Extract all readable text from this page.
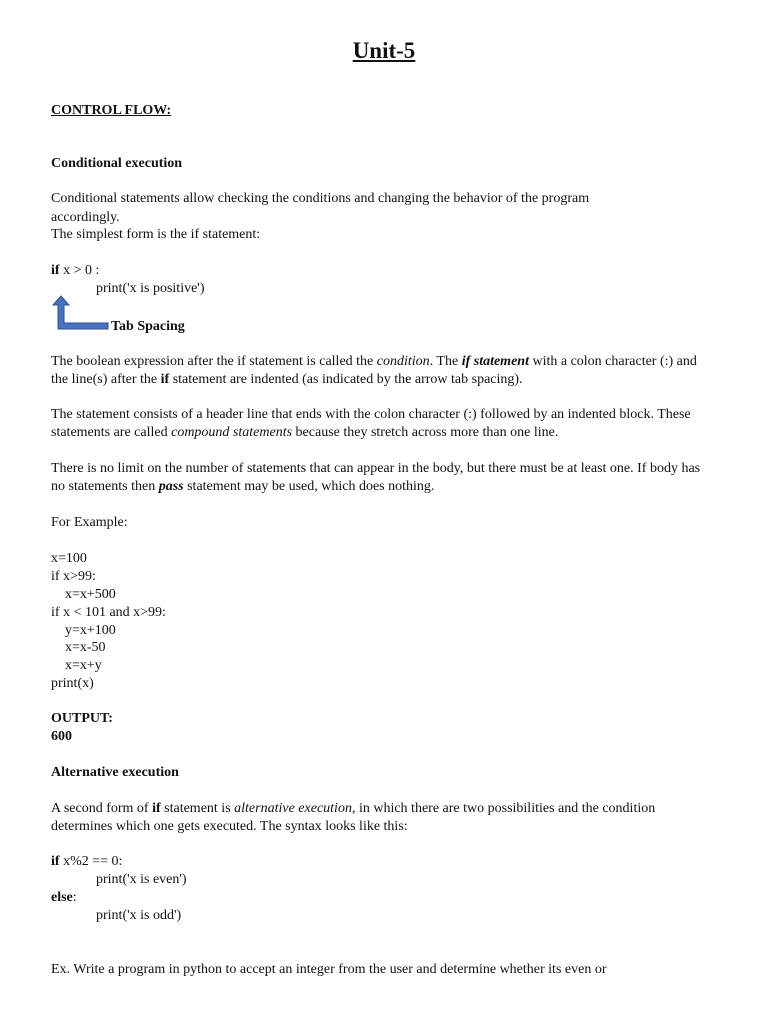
Unit-5
CONTROL FLOW:
Conditional execution
Conditional statements allow checking the conditions and changing the behavior of the program
accordingly.
The simplest form is the if statement:
if x > 0 :
print('x is positive')
Tab Spacing
The boolean expression after the if statement is called the condition. The if statement with a colon character (:) and the line(s) after the if statement are indented (as indicated by the arrow tab spacing).
The statement consists of a header line that ends with the colon character (:) followed by an indented block. These statements are called compound statements because they stretch across more than one line.
There is no limit on the number of statements that can appear in the body, but there must be at least one. If body has no statements then pass statement may be used, which does nothing.
For Example:
x=100
if x>99:
x=x+500
if x < 101 and x>99:
y=x+100
x=x-50
x=x+y
print(x)
OUTPUT:
600
Alternative execution
A second form of if statement is alternative execution, in which there are two possibilities and the condition determines which one gets executed. The syntax looks like this:
if x%2 == 0:
print('x is even')
else:
print('x is odd')
Ex. Write a program in python to accept an integer from the user and determine whether its even or
